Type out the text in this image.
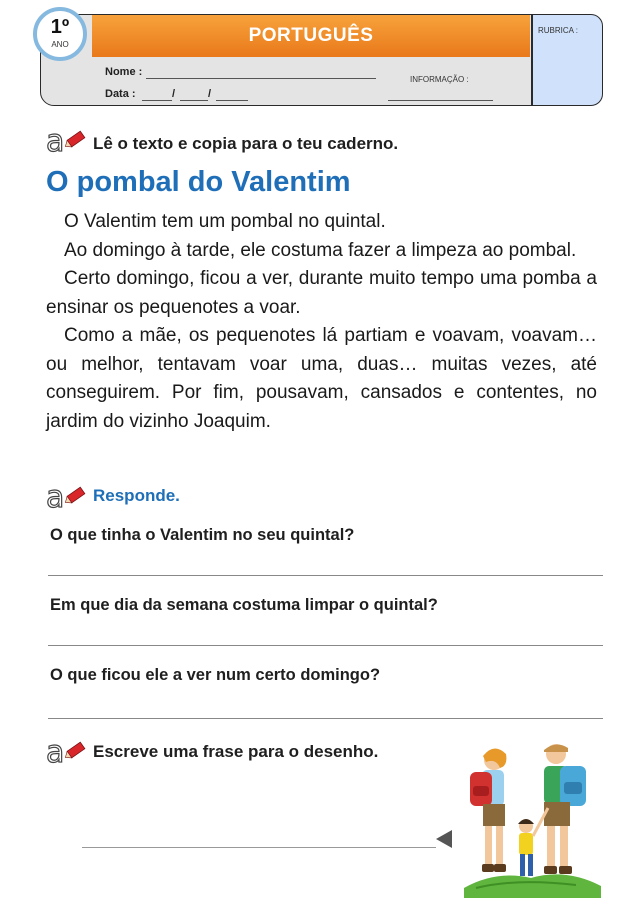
PORTUGUÊS	RUBRICA :
1º
ANO
Nome :
INFORMAÇÃO :
Data :	/	/
a Lê o texto e copia para o teu caderno.
O pombal do Valentim

O Valentim tem um pombal no quintal.

Ao domingo à tarde, ele costuma fazer a limpeza ao pombal.

Certo domingo, ficou a ver, durante muito tempo uma pomba a ensinar os pequenotes a voar.

Como a mãe, os pequenotes lá partiam e voavam, voavam… ou melhor, tentavam voar uma, duas… muitas vezes, até conseguirem. Por fim, pousavam, cansados e contentes, no jardim do vizinho Joaquim.

a Responde.
O que tinha o Valentim no seu quintal?
Em que dia da semana costuma limpar o quintal?
O que ficou ele a ver num certo domingo?
a Escreve uma frase para o desenho.
